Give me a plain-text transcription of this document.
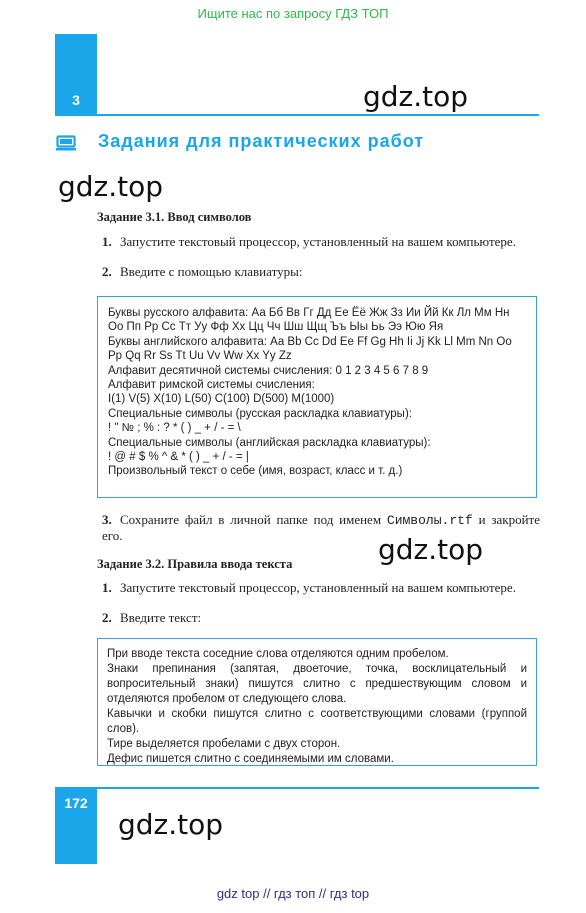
Ищите нас по запросу ГДЗ ТОП
3	gdz.top
gdz.top
gdz.top
gdz.top
Задания для практических работ
Задание 3.1. Ввод символов
1. Запустите текстовый процессор, установленный на вашем компьютере.
2. Введите с помощью клавиатуры:
Буквы русского алфавита: Аа Бб Вв Гг Дд Ее Ёё Жж Зз Ии Йй Кк Лл Мм Нн Оо Пп Рр Сс Тт Уу Фф Хх Цц Чч Шш Щщ Ъъ Ыы Ьь Ээ Юю Яя
Буквы английского алфавита: Aa Bb Cc Dd Ee Ff Gg Hh Ii Jj Kk Ll Mm Nn Oo Pp Qq Rr Ss Tt Uu Vv Ww Xx Yy Zz
Алфавит десятичной системы счисления: 0 1 2 3 4 5 6 7 8 9
Алфавит римской системы счисления:
I(1) V(5) X(10) L(50) C(100) D(500) M(1000)
Специальные символы (русская раскладка клавиатуры):
! " № ; % : ? * ( ) _ + / - = \
Специальные символы (английская раскладка клавиатуры):
! @ # $ % ^ & * ( ) _ + / - = |
Произвольный текст о себе (имя, возраст, класс и т. д.)
3. Сохраните файл в личной папке под именем Символы.rtf и закройте его.
Задание 3.2. Правила ввода текста
1. Запустите текстовый процессор, установленный на вашем компьютере.
2. Введите текст:
При вводе текста соседние слова отделяются одним пробелом.
Знаки препинания (запятая, двоеточие, точка, восклицательный и вопросительный знаки) пишутся слитно с предшествующим словом и отделяются пробелом от следующего слова.
Кавычки и скобки пишутся слитно с соответствующими словами (группой слов).
Тире выделяется пробелами с двух сторон.
Дефис пишется слитно с соединяемыми им словами.
172
gdz top // гдз топ // гдз top
